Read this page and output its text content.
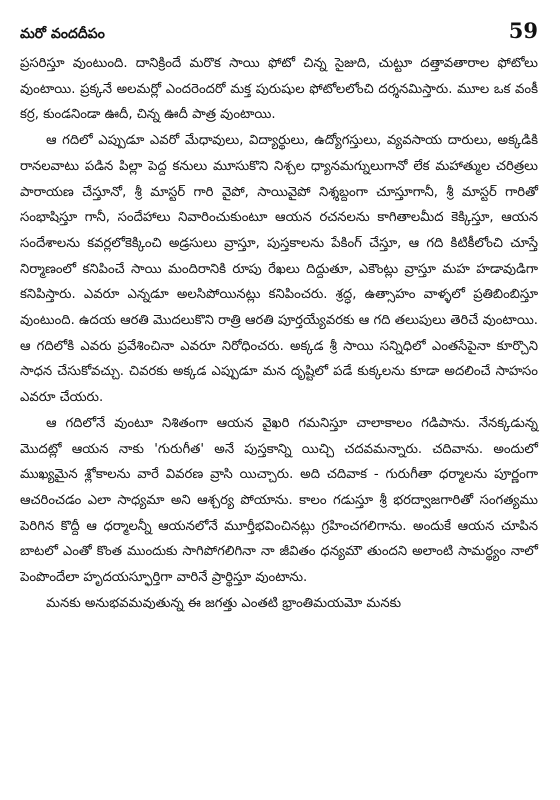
మరో వందదీపం	59

ప్రసరిస్తూ వుంటుంది. దానిక్రిందే మరొక సాయి ఫోటో చిన్న సైజుది, చుట్టూ దత్తావతారాల ఫోటోలు వుంటాయి. ప్రక్కనే అలమర్లో ఎందరెందరో మక్త పురుషుల ఫోటోలలోంచి దర్శనమిస్తారు. మూల ఒక వంకీ కర్ర, కుండనిండా ఊదీ, చిన్న ఊదీ పాత్ర వుంటాయి.

ఆ గదిలో ఎప్పుడూ ఎవరో మేధావులు, విద్యార్థులు, ఉద్యోగస్తులు, వ్యవసాయ దారులు, అక్కడికి రానలవాటు పడిన పిల్లా పెద్ద కనులు మూసుకొని నిశ్చల ధ్యానమగ్నులుగానో లేక మహాత్ముల చరిత్రలు పారాయణ చేస్తూనో, శ్రీ మాస్టర్ గారి వైపో, సాయివైపో నిశ్శబ్దంగా చూస్తూగానీ, శ్రీ మాస్టర్ గారితో సంభాషిస్తూ గానీ, సందేహాలు నివారించుకుంటూ ఆయన రచనలను కాగితాలమీద కెక్కిస్తూ, ఆయన సందేశాలను కవర్లలోకెక్కించి అడ్రసులు వ్రాస్తూ, పుస్తకాలను పేకింగ్ చేస్తూ, ఆ గది కిటికీలోంచి చూస్తే నిర్మాణంలో కనిపించే సాయి మందిరానికి రూపు రేఖలు దిద్దుతూ, ఎకౌంట్లు వ్రాస్తూ మహ హడావుడిగా కనిపిస్తారు. ఎవరూ ఎన్నడూ అలసిపోయినట్లు కనిపించరు. శ్రద్ధ, ఉత్సాహం వాళ్ళలో ప్రతిబింబిస్తూ వుంటుంది. ఉదయ ఆరతి మొదలుకొని రాత్రి ఆరతి పూర్తయ్యేవరకు ఆ గది తలుపులు తెరిచే వుంటాయి. ఆ గదిలోకి ఎవరు ప్రవేశించినా ఎవరూ నిరోధించరు. అక్కడ శ్రీ సాయి సన్నిధిలో ఎంతసేపైనా కూర్చొని సాధన చేసుకోవచ్చు. చివరకు అక్కడ ఎప్పుడూ మన దృష్టిలో పడే కుక్కలను కూడా అదలించే సాహసం ఎవరూ చేయరు.

ఆ గదిలోనే వుంటూ నిశితంగా ఆయన వైఖరి గమనిస్తూ చాలాకాలం గడిపాను. నేనక్కడున్న మొదట్లో ఆయన నాకు 'గురుగీత' అనే పుస్తకాన్ని యిచ్చి చదవమన్నారు. చదివాను. అందులో ముఖ్యమైన శ్లోకాలను వారే వివరణ వ్రాసి యిచ్చారు. అది చదివాక - గురుగీతా ధర్మాలను పూర్ణంగా ఆచరించడం ఎలా సాధ్యమా అని ఆశ్చర్య పోయాను. కాలం గడుస్తూ శ్రీ భరద్వాజగారితో సంగత్యము పెరిగిన కొద్దీ ఆ ధర్మాలన్నీ ఆయనలోనే మూర్తీభవించినట్లు గ్రహించగలిగాను. అందుకే ఆయన చూపిన బాటలో ఎంతో కొంత ముందుకు సాగిపోగలిగినా నా జీవితం ధన్యమౌ తుందని అలాంటి సామర్థ్యం నాలో పెంపొందేలా హృదయస్ఫూర్తిగా వారినే ప్రార్థిస్తూ వుంటాను.

మనకు అనుభవమవుతున్న ఈ జగత్తు ఎంతటి భ్రాంతిమయమో మనకు
